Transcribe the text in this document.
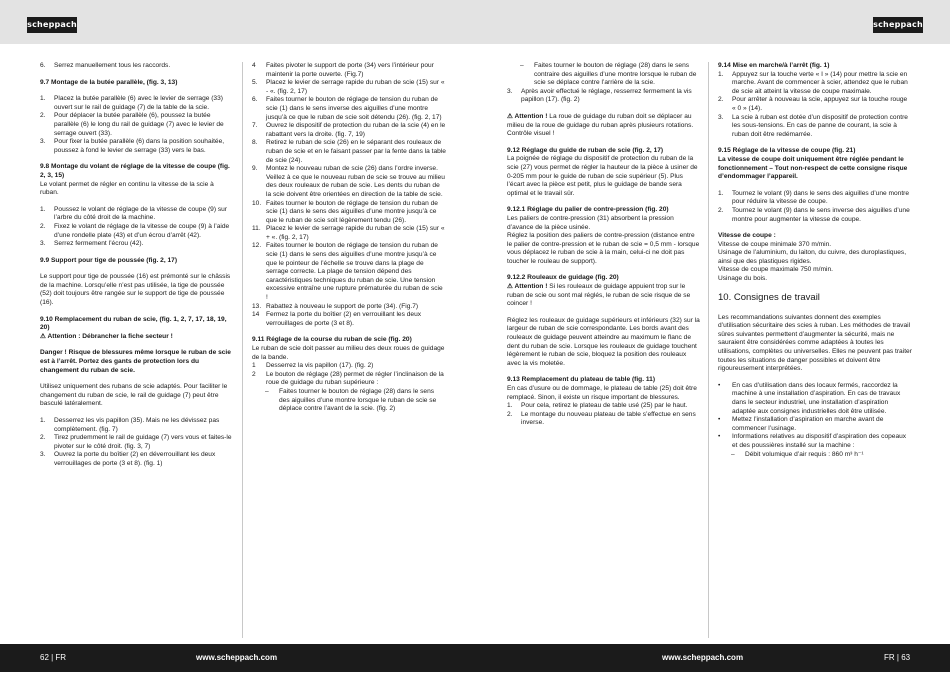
scheppach	scheppach
6.	Serrez manuellement tous les raccords.
9.7 Montage de la butée parallèle, (fig. 3, 13)
1.	Placez la butée parallèle (6) avec le levier de serrage (33) ouvert sur le rail de guidage (7) de la table de la scie.
2.	Pour déplacer la butée parallèle (6), poussez la butée parallèle (6) le long du rail de guidage (7) avec le levier de serrage ouvert (33).
3.	Pour fixer la butée parallèle (6) dans la position souhaitée, poussez à fond le levier de serrage (33) vers le bas.
9.8 Montage du volant de réglage de la vitesse de coupe (fig. 2, 3, 15)
Le volant permet de régler en continu la vitesse de la scie à ruban.
1.	Poussez le volant de réglage de la vitesse de coupe (9) sur l’arbre du côté droit de la machine.
2.	Fixez le volant de réglage de la vitesse de coupe (9) à l’aide d’une rondelle plate (43) et d’un écrou d’arrêt (42).
3.	Serrez fermement l’écrou (42).
9.9 Support pour tige de poussée (fig. 2, 17)
Le support pour tige de poussée (16) est prémonté sur le châssis de la machine. Lorsqu’elle n’est pas utilisée, la tige de poussée (52) doit toujours être rangée sur le support de tige de poussée (16).
9.10 Remplacement du ruban de scie, (fig. 1, 2, 7, 17, 18, 19, 20)
⚠ Attention : Débrancher la fiche secteur !
Danger ! Risque de blessures même lorsque le ruban de scie est à l’arrêt. Portez des gants de protection lors du changement du ruban de scie.
Utilisez uniquement des rubans de scie adaptés. Pour faciliter le changement du ruban de scie, le rail de guidage (7) peut être basculé latéralement.
1.	Desserrez les vis papillon (35). Mais ne les dévissez pas complètement. (fig. 7)
2.	Tirez prudemment le rail de guidage (7) vers vous et faites-le pivoter sur le côté droit. (fig. 3, 7)
3.	Ouvrez la porte du boîtier (2) en déverrouillant les deux verrouillages de porte (3 et 8). (fig. 1)
4	Faites pivoter le support de porte (34) vers l’intérieur pour maintenir la porte ouverte. (Fig.7)
5.	Placez le levier de serrage rapide du ruban de scie (15) sur « - «. (fig. 2, 17)
6.	Faites tourner le bouton de réglage de tension du ruban de scie (1) dans le sens inverse des aiguilles d’une montre jusqu’à ce que le ruban de scie soit détendu (26). (fig. 2, 17)
7.	Ouvrez le dispositif de protection du ruban de la scie (4) en le rabattant vers la droite. (fig. 7, 19)
8.	Retirez le ruban de scie (26) en le séparant des rouleaux de ruban de scie et en le faisant passer par la fente dans la table de scie (24).
9.	Montez le nouveau ruban de scie (26) dans l’ordre inverse.
Veillez à ce que le nouveau ruban de scie se trouve au milieu des deux rouleaux de ruban de scie. Les dents du ruban de la scie doivent être orientées en direction de la table de scie.
10. Faites tourner le bouton de réglage de tension du ruban de scie (1) dans le sens des aiguilles d’une montre jusqu’à ce que le ruban de scie soit légèrement tendu (26).
11. Placez le levier de serrage rapide du ruban de scie (15) sur « + «. (fig. 2, 17)
12. Faites tourner le bouton de réglage de tension du ruban de scie (1) dans le sens des aiguilles d’une montre jusqu’à ce que le pointeur de l’échelle se trouve dans la plage de serrage correcte. La plage de tension dépend des caractéristiques techniques du ruban de scie. Une tension excessive entraîne une rupture prématurée du ruban de scie !
13. Rabattez à nouveau le support de porte (34). (Fig.7)
14	Fermez la porte du boîtier (2) en verrouillant les deux verrouillages de porte (3 et 8).
9.11 Réglage de la course du ruban de scie (fig. 20)
Le ruban de scie doit passer au milieu des deux roues de guidage de la bande.
1	Desserrez la vis papillon (17). (fig. 2)
2	Le bouton de réglage (28) permet de régler l’inclinaison de la roue de guidage du ruban supérieure :
–	Faites tourner le bouton de réglage (28) dans le sens des aiguilles d’une montre lorsque le ruban de scie se déplace contre l’avant de la scie. (fig. 2)
–	Faites tourner le bouton de réglage (28) dans le sens contraire des aiguilles d’une montre lorsque le ruban de scie se déplace contre l’arrière de la scie.
3.	Après avoir effectué le réglage, resserrez fermement la vis papillon (17). (fig. 2)
⚠ Attention ! La roue de guidage du ruban doit se déplacer au milieu de la roue de guidage du ruban après plusieurs rotations. Contrôle visuel !
9.12 Réglage du guide de ruban de scie (fig. 2, 17)
La poignée de réglage du dispositif de protection du ruban de la scie (27) vous permet de régler la hauteur de la pièce à usiner de 0-205 mm pour le guide de ruban de scie supérieur (5). Plus l’écart avec la pièce est petit, plus le guidage de bande sera optimal et le travail sûr.
9.12.1 Réglage du palier de contre-pression (fig. 20)
Les paliers de contre-pression (31) absorbent la pression d’avance de la pièce usinée.
Réglez la position des paliers de contre-pression (distance entre le palier de contre-pression et le ruban de scie = 0,5 mm - lorsque vous déplacez le ruban de scie à la main, celui-ci ne doit pas toucher le rouleau de support).
9.12.2 Rouleaux de guidage (fig. 20)
⚠ Attention ! Si les rouleaux de guidage appuient trop sur le ruban de scie ou sont mal réglés, le ruban de scie risque de se coincer !
Réglez les rouleaux de guidage supérieurs et inférieurs (32) sur la largeur de ruban de scie correspondante. Les bords avant des rouleaux de guidage peuvent atteindre au maximum le flanc de dent du ruban de scie. Lorsque les rouleaux de guidage touchent légèrement le ruban de scie, bloquez la position des rouleaux avec la vis moletée.
9.13 Remplacement du plateau de table (fig. 11)
En cas d’usure ou de dommage, le plateau de table (25) doit être remplacé. Sinon, il existe un risque important de blessures.
1.	Pour cela, retirez le plateau de table usé (25) par le haut.
2.	Le montage du nouveau plateau de table s’effectue en sens inverse.
9.14 Mise en marche/à l’arrêt (fig. 1)
1.	Appuyez sur la touche verte « I » (14) pour mettre la scie en marche. Avant de commencer à scier, attendez que le ruban de scie ait atteint la vitesse de coupe maximale.
2.	Pour arrêter à nouveau la scie, appuyez sur la touche rouge « 0 » (14).
3.	La scie à ruban est dotée d’un dispositif de protection contre les sous-tensions. En cas de panne de courant, la scie à ruban doit être redémarrée.
9.15 Réglage de la vitesse de coupe (fig. 21)
La vitesse de coupe doit uniquement être réglée pendant le fonctionnement – Tout non-respect de cette consigne risque d’endommager l’appareil.
1.	Tournez le volant (9) dans le sens des aiguilles d’une montre pour réduire la vitesse de coupe.
2.	Tournez le volant (9) dans le sens inverse des aiguilles d’une montre pour augmenter la vitesse de coupe.
Vitesse de coupe :
Vitesse de coupe minimale 370 m/min.
Usinage de l’aluminium, du laiton, du cuivre, des duroplastiques, ainsi que des plastiques rigides.
Vitesse de coupe maximale 750 m/min.
Usinage du bois.
10. Consignes de travail
Les recommandations suivantes donnent des exemples d’utilisation sécuritaire des scies à ruban. Les méthodes de travail sûres suivantes permettent d’augmenter la sécurité, mais ne sauraient être considérées comme adaptées à toutes les utilisations, complètes ou universelles. Elles ne peuvent pas traiter toutes les situations de danger possibles et doivent être rigoureusement interprétées.
•	En cas d’utilisation dans des locaux fermés, raccordez la machine à une installation d’aspiration. En cas de travaux dans le secteur industriel, une installation d’aspiration adaptée aux consignes industrielles doit être utilisée.
•	Mettez l’installation d’aspiration en marche avant de commencer l’usinage.
•	Informations relatives au dispositif d’aspiration des copeaux et des poussières installé sur la machine :
–	Débit volumique d’air requis : 860 m³ h⁻¹
62 | FR	www.scheppach.com	www.scheppach.com	FR | 63
